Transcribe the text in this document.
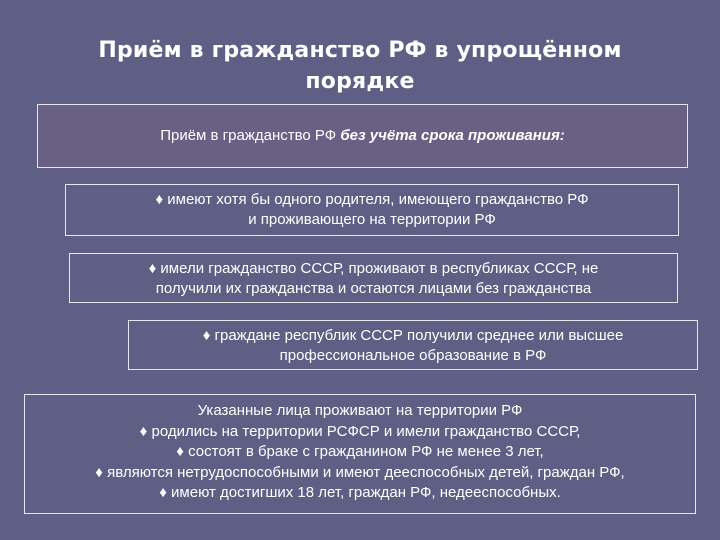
Приём в гражданство РФ в упрощённом
порядке
Приём в гражданство РФ без учёта срока проживания:
♦ имеют хотя бы одного родителя, имеющего гражданство РФ
и проживающего на территории РФ
♦ имели гражданство СССР, проживают в республиках СССР, не
получили их гражданства и остаются лицами без гражданства
♦ граждане республик СССР получили среднее или высшее
профессиональное образование в РФ
Указанные лица проживают на территории РФ
♦ родились на территории РСФСР и имели гражданство СССР,
♦ состоят в браке с гражданином РФ не менее 3 лет,
♦ являются нетрудоспособными и имеют дееспособных детей, граждан РФ,
♦ имеют достигших 18 лет, граждан РФ, недееспособных.
